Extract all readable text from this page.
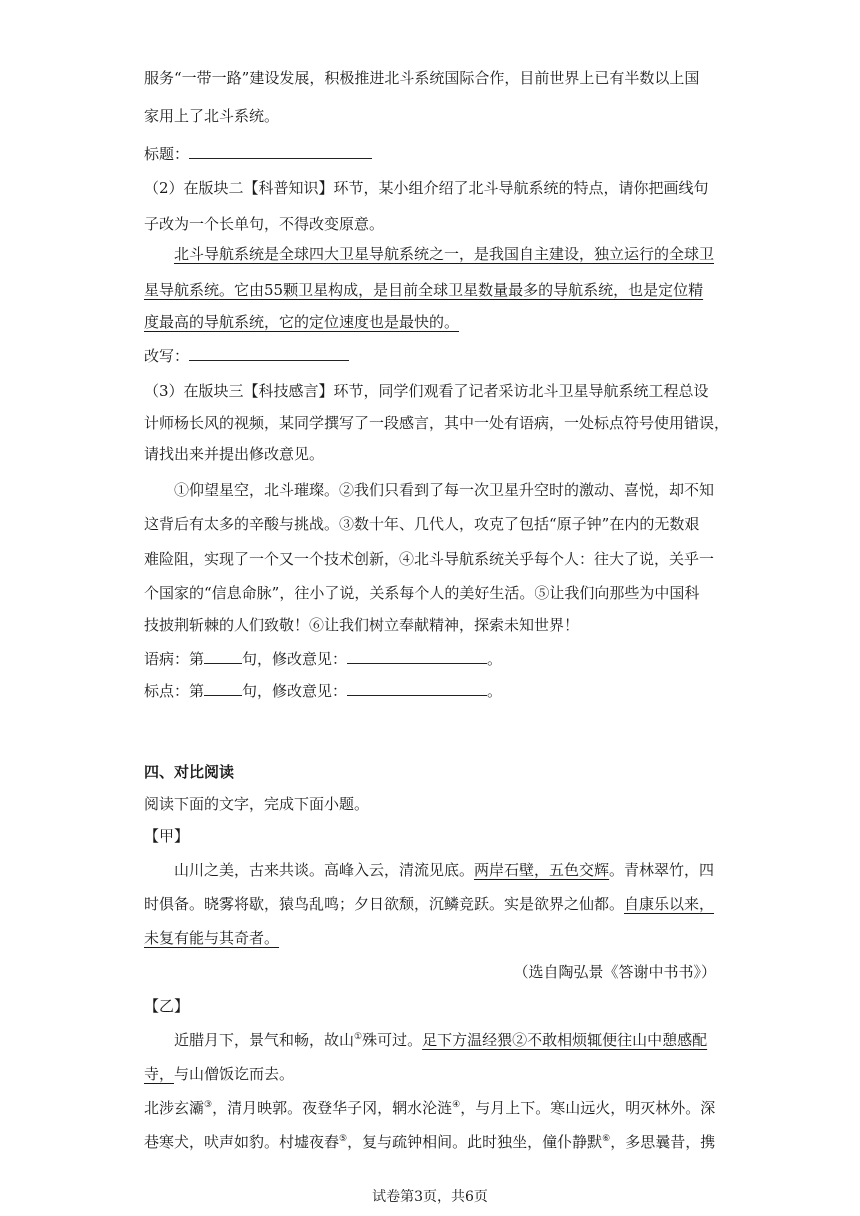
服务“一带一路”建设发展，积极推进北斗系统国际合作，目前世界上已有半数以上国
家用上了北斗系统。
标题：
（2）在版块二【科普知识】环节，某小组介绍了北斗导航系统的特点，请你把画线句
子改为一个长单句，不得改变原意。
北斗导航系统是全球四大卫星导航系统之一，是我国自主建设，独立运行的全球卫
星导航系统。它由55颗卫星构成，是目前全球卫星数量最多的导航系统，也是定位精
度最高的导航系统，它的定位速度也是最快的。
改写：
（3）在版块三【科技感言】环节，同学们观看了记者采访北斗卫星导航系统工程总设
计师杨长风的视频，某同学撰写了一段感言，其中一处有语病，一处标点符号使用错误，
请找出来并提出修改意见。
①仰望星空，北斗璀璨。②我们只看到了每一次卫星升空时的激动、喜悦，却不知
这背后有太多的辛酸与挑战。③数十年、几代人，攻克了包括“原子钟”在内的无数艰
难险阻，实现了一个又一个技术创新，④北斗导航系统关乎每个人：往大了说，关乎一
个国家的“信息命脉”，往小了说，关系每个人的美好生活。⑤让我们向那些为中国科
技披荆斩棘的人们致敬！⑥让我们树立奉献精神，探索未知世界！
语病：第	句，修改意见：	。
标点：第	句，修改意见：	。
四、对比阅读
阅读下面的文字，完成下面小题。
【甲】
山川之美，古来共谈。高峰入云，清流见底。两岸石壁，五色交辉。青林翠竹，四
时俱备。晓雾将歇，猿鸟乱鸣；夕日欲颓，沉鳞竞跃。实是欲界之仙都。自康乐以来，
未复有能与其奇者。
（选自陶弘景《答谢中书书》）
【乙】
近腊月下，景气和畅，故山①殊可过。足下方温经猥②不敢相烦辄便往山中憩感配
寺，与山僧饭讫而去。
北涉玄灞③，清月映郭。夜登华子冈，辋水沦涟④，与月上下。寒山远火，明灭林外。深
巷寒犬，吠声如豹。村墟夜舂⑤，复与疏钟相间。此时独坐，僮仆静默⑥，多思曩昔，携
试卷第3页，共6页
